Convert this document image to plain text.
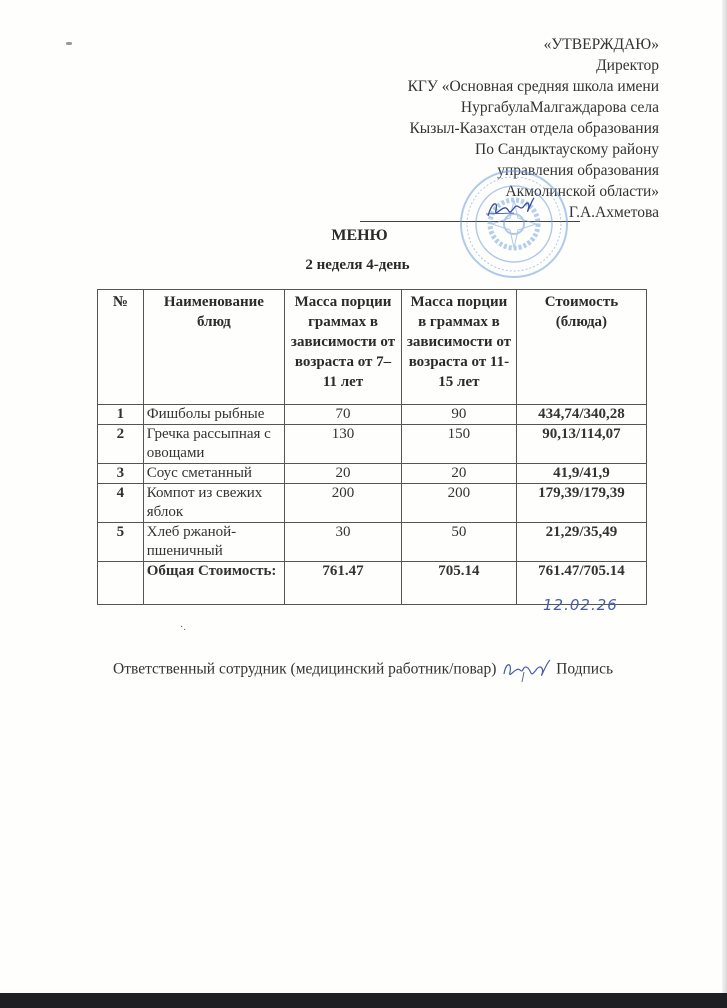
«УТВЕРЖДАЮ»
Директор
КГУ «Основная средняя школа имени
НургабулаМалгаждарова села
Кызыл-Казахстан отдела образования
По Сандыктаускому району
управления образования
Акмолинской области»
Г.А.Ахметова
МЕНЮ
2 неделя 4-день
№	Наименование блюд	Масса порции граммах в зависимости от возраста от 7–11 лет	Масса порции в граммах в зависимости от возраста от 11-15 лет	Стоимость (блюда)
1	Фишболы рыбные	70	90	434,74/340,28
2	Гречка рассыпная с овощами	130	150	90,13/114,07
3	Соус сметанный	20	20	41,9/41,9
4	Компот из свежих яблок	200	200	179,39/179,39
5	Хлеб ржаной-пшеничный	30	50	21,29/35,49
	Общая Стоимость:	761.47	705.14	761.47/705.14
12.02.26
·.
Ответственный сотрудник (медицинский работник/повар)	Подпись
